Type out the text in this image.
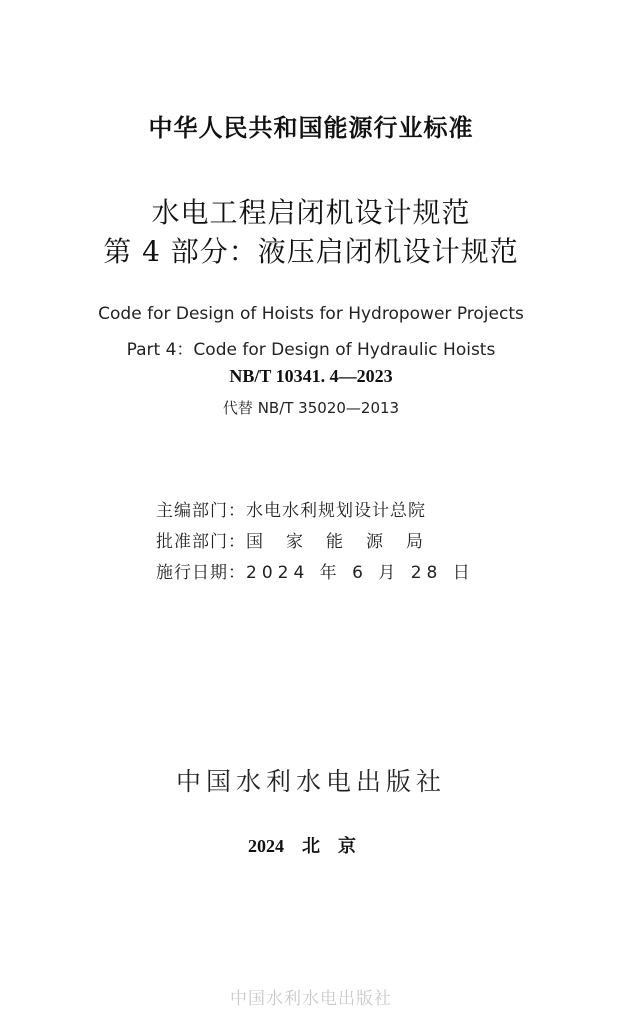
中华人民共和国能源行业标准
水电工程启闭机设计规范
第 4 部分：液压启闭机设计规范
Code for Design of Hoists for Hydropower Projects
Part 4：Code for Design of Hydraulic Hoists
NB/T 10341. 4—2023
代替 NB/T 35020—2013
主编部门：水电水利规划设计总院
批准部门：国家能源局
施行日期：2024 年 6 月 28 日
中国水利水电出版社
2024 北京
中国水利水电出版社
